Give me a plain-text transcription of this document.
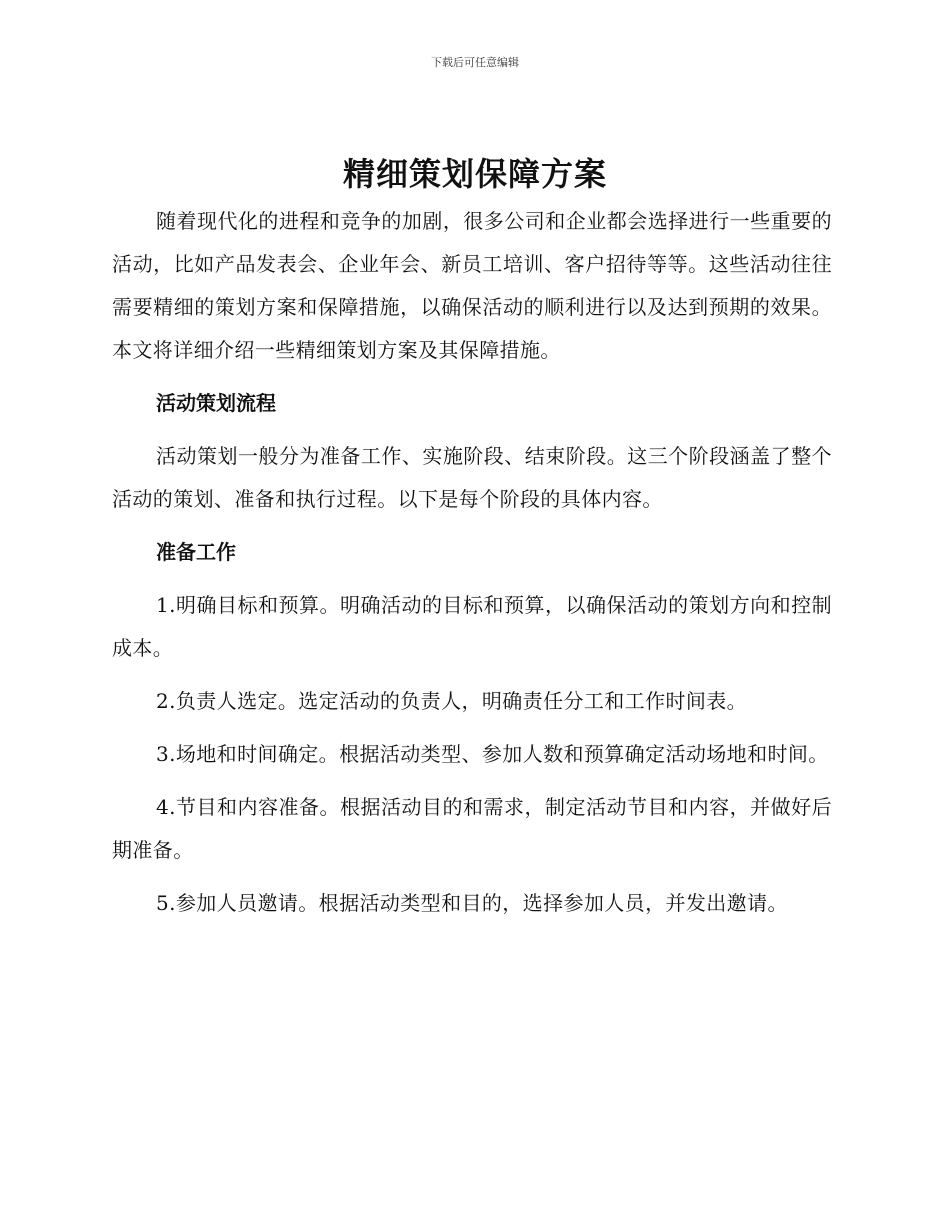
下载后可任意编辑
精细策划保障方案

随着现代化的进程和竞争的加剧，很多公司和企业都会选择进行一些重要的活动，比如产品发表会、企业年会、新员工培训、客户招待等等。这些活动往往需要精细的策划方案和保障措施，以确保活动的顺利进行以及达到预期的效果。本文将详细介绍一些精细策划方案及其保障措施。

活动策划流程

活动策划一般分为准备工作、实施阶段、结束阶段。这三个阶段涵盖了整个活动的策划、准备和执行过程。以下是每个阶段的具体内容。

准备工作

1.明确目标和预算。明确活动的目标和预算，以确保活动的策划方向和控制成本。

2.负责人选定。选定活动的负责人，明确责任分工和工作时间表。

3.场地和时间确定。根据活动类型、参加人数和预算确定活动场地和时间。

4.节目和内容准备。根据活动目的和需求，制定活动节目和内容，并做好后期准备。

5.参加人员邀请。根据活动类型和目的，选择参加人员，并发出邀请。
